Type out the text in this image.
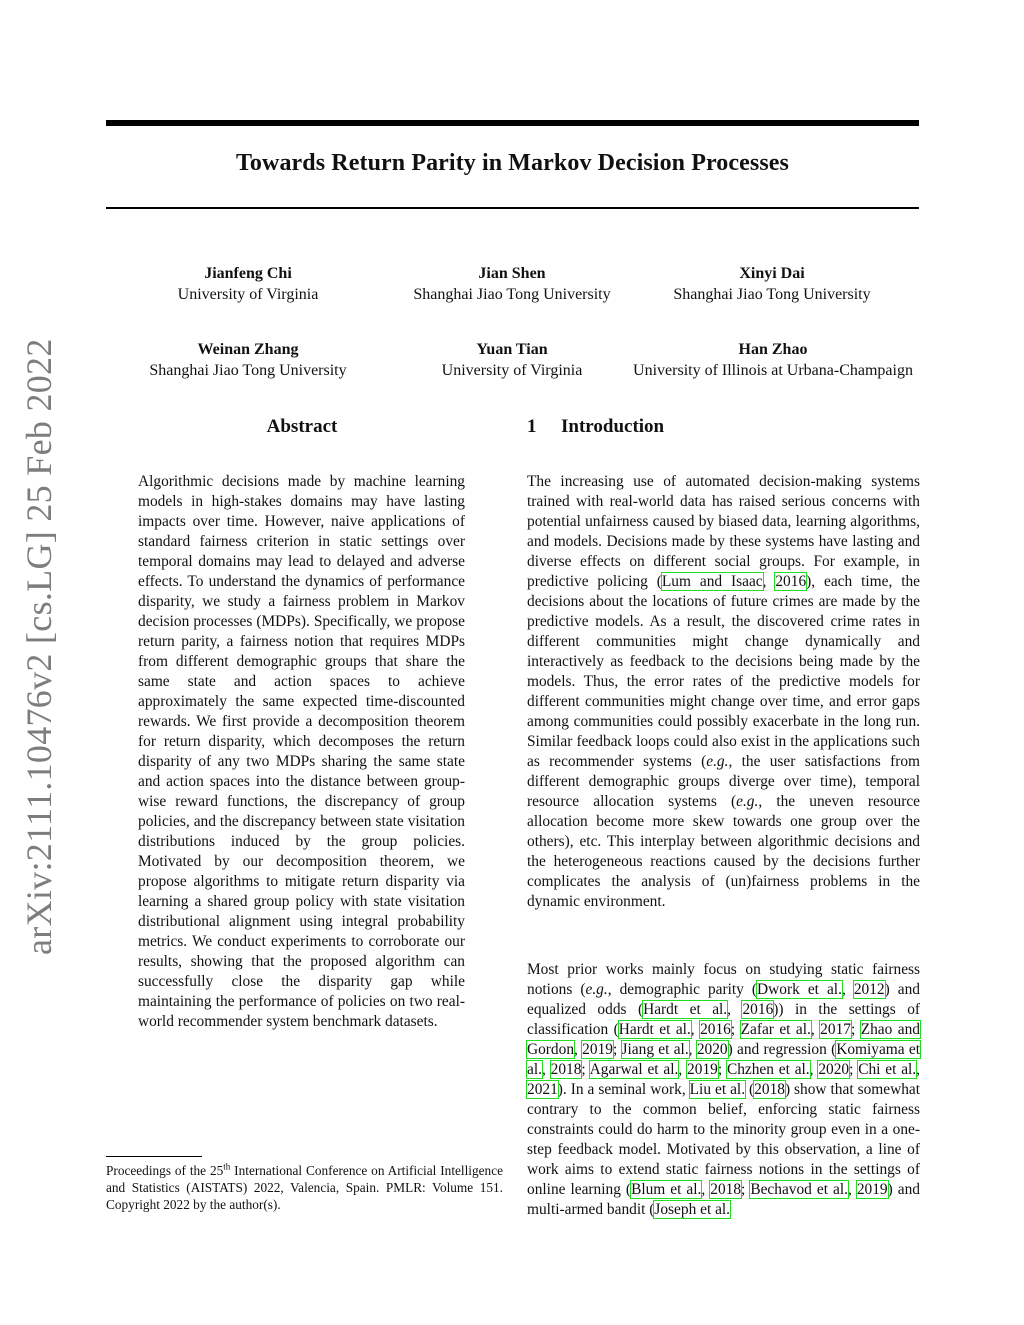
Towards Return Parity in Markov Decision Processes
arXiv:2111.10476v2 [cs.LG] 25 Feb 2022
Jianfeng Chi
University of Virginia
Jian Shen
Shanghai Jiao Tong University
Xinyi Dai
Shanghai Jiao Tong University
Weinan Zhang
Shanghai Jiao Tong University
Yuan Tian
University of Virginia
Han Zhao
University of Illinois at Urbana-Champaign
Abstract
Algorithmic decisions made by machine learning models in high-stakes domains may have lasting impacts over time. However, naive applications of standard fairness criterion in static settings over temporal domains may lead to delayed and adverse effects. To understand the dynamics of performance disparity, we study a fairness problem in Markov decision processes (MDPs). Specifically, we propose return parity, a fairness notion that requires MDPs from different demographic groups that share the same state and action spaces to achieve approximately the same expected time-discounted rewards. We first provide a decomposition theorem for return disparity, which decomposes the return disparity of any two MDPs sharing the same state and action spaces into the distance between group-wise reward functions, the discrepancy of group policies, and the discrepancy between state visitation distributions induced by the group policies. Motivated by our decomposition theorem, we propose algorithms to mitigate return disparity via learning a shared group policy with state visitation distributional alignment using integral probability metrics. We conduct experiments to corroborate our results, showing that the proposed algorithm can successfully close the disparity gap while maintaining the performance of policies on two real-world recommender system benchmark datasets.
1 Introduction
The increasing use of automated decision-making systems trained with real-world data has raised serious concerns with potential unfairness caused by biased data, learning algorithms, and models. Decisions made by these systems have lasting and diverse effects on different social groups. For example, in predictive policing (Lum and Isaac, 2016), each time, the decisions about the locations of future crimes are made by the predictive models. As a result, the discovered crime rates in different communities might change dynamically and interactively as feedback to the decisions being made by the models. Thus, the error rates of the predictive models for different communities might change over time, and error gaps among communities could possibly exacerbate in the long run. Similar feedback loops could also exist in the applications such as recommender systems (e.g., the user satisfactions from different demographic groups diverge over time), temporal resource allocation systems (e.g., the uneven resource allocation become more skew towards one group over the others), etc. This interplay between algorithmic decisions and the heterogeneous reactions caused by the decisions further complicates the analysis of (un)fairness problems in the dynamic environment.
Most prior works mainly focus on studying static fairness notions (e.g., demographic parity (Dwork et al., 2012) and equalized odds (Hardt et al., 2016)) in the settings of classification (Hardt et al., 2016; Zafar et al., 2017; Zhao and Gordon, 2019; Jiang et al., 2020) and regression (Komiyama et al., 2018; Agarwal et al., 2019; Chzhen et al., 2020; Chi et al., 2021). In a seminal work, Liu et al. (2018) show that somewhat contrary to the common belief, enforcing static fairness constraints could do harm to the minority group even in a one-step feedback model. Motivated by this observation, a line of work aims to extend static fairness notions in the settings of online learning (Blum et al., 2018; Bechavod et al., 2019) and multi-armed bandit (Joseph et al.
Proceedings of the 25th International Conference on Artificial Intelligence and Statistics (AISTATS) 2022, Valencia, Spain. PMLR: Volume 151. Copyright 2022 by the author(s).
